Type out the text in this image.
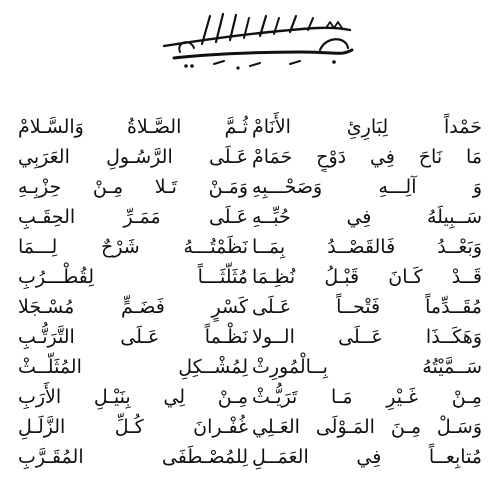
حَمْداً لِبَارِئِ الأَنَامْ
مَا نَاحَ فِي دَوْحٍ حَمَامْ
وَ آلِـــهِ وَصَحْـــبِهِ
سَــبِيلَهُ فِي حُبِّــهِ
وَبَعْــدُ فَالقَصْــدُ بِمَــا
قَــدْ كَـانَ قَبْـلُ نُظِـمَا
مُقَــدِّماً فَتْحــاً عَـلَى
وَهَكَــذَا عَــلَى الــولا
سَــمَّيْتُهُ بِــالْمُورِثْ
مِـنْ غَـيْرِ مَـا تَرَيُّـثْ
وَسَـلْ مِـنَ المَـوْلَى العَـلِي
مُتابِعــاً فِي العَمَــلِ
ثُـمَّ الصَّـلاةُ وَالسَّـلامْ
عَـلَى الرَّسُـولِ العَرَبِي
وَمَـنْ تَـلا مِـنْ حِزْبِـهِ
عَـلَى مَمَـرِّ الحِقَـبِ
نَظَمْتُـــهُ شَرْحٌ لِـــمَا
مُثَلَّثَـــاً لِقُطْـــرُبِ
كَسْرٍ فَضَـمٍّ مُسْـجَلا
نَظْـماً عَـلَى التَّرَتُّـبِ
لِمُشْــكِلِ المُثَلَّــثْ
مِـنْ لِي بِنَيْـلِ الأَرَبِ
غُفْـرانَ كُـلِّ الزَّلَـلِ
لِلمُصْـطَفَى المُقَـرَّبِ
